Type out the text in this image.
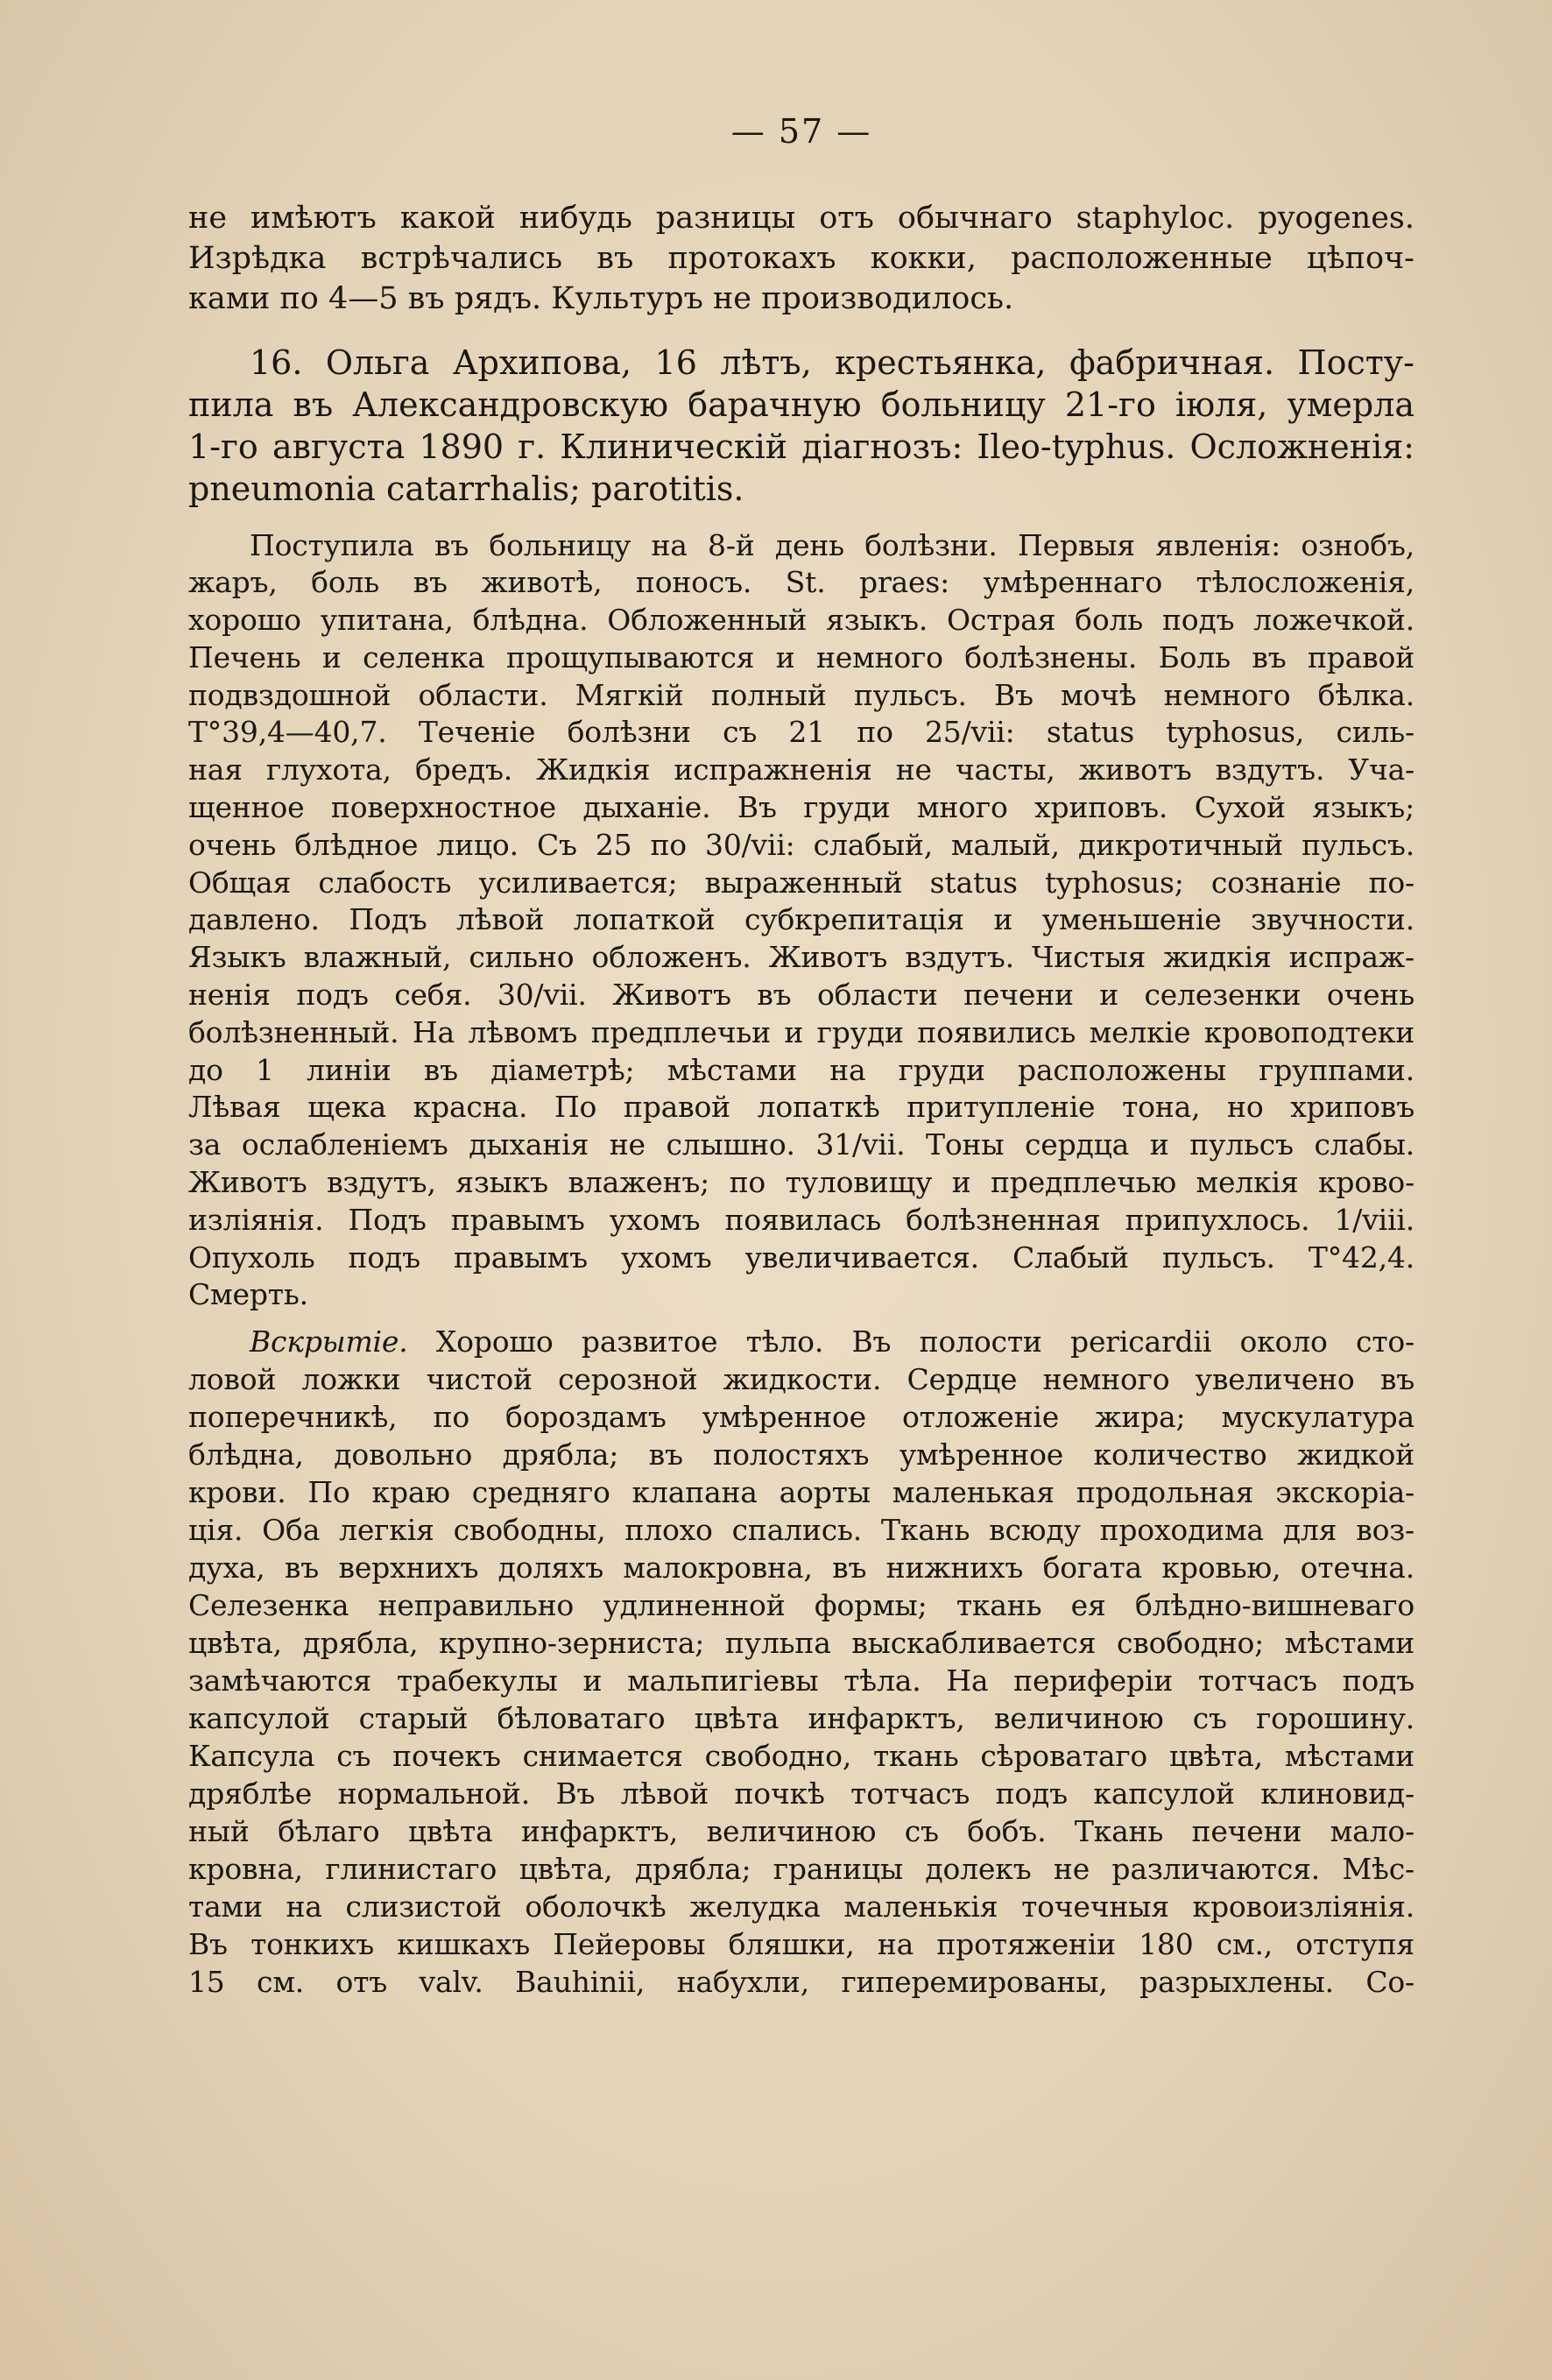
— 57 —
не имѣютъ какой нибудь разницы отъ обычнаго staphyloc. pyogenes.
Изрѣдка встрѣчались въ протокахъ кокки, расположенные цѣпоч-
ками по 4—5 въ рядъ. Культуръ не производилось.
16. Ольга Архипова, 16 лѣтъ, крестьянка, фабричная. Посту-
пила въ Александровскую барачную больницу 21-го іюля, умерла
1-го августа 1890 г. Клиническій діагнозъ: Ileo-typhus. Осложненія:
pneumonia catarrhalis; parotitis.
Поступила въ больницу на 8-й день болѣзни. Первыя явленія: ознобъ,
жаръ, боль въ животѣ, поносъ. St. praes: умѣреннаго тѣлосложенія,
хорошо упитана, блѣдна. Обложенный языкъ. Острая боль подъ ложечкой.
Печень и селенка прощупываются и немного болѣзнены. Боль въ правой
подвздошной области. Мягкій полный пульсъ. Въ мочѣ немного бѣлка.
T°39,4—40,7. Теченіе болѣзни съ 21 по 25/vii: status typhosus, силь-
ная глухота, бредъ. Жидкія испражненія не часты, животъ вздутъ. Уча-
щенное поверхностное дыханіе. Въ груди много хриповъ. Сухой языкъ;
очень блѣдное лицо. Съ 25 по 30/vii: слабый, малый, дикротичный пульсъ.
Общая слабость усиливается; выраженный status typhosus; сознаніе по-
давлено. Подъ лѣвой лопаткой субкрепитація и уменьшеніе звучности.
Языкъ влажный, сильно обложенъ. Животъ вздутъ. Чистыя жидкія испраж-
ненія подъ себя. 30/vii. Животъ въ области печени и селезенки очень
болѣзненный. На лѣвомъ предплечьи и груди появились мелкіе кровоподтеки
до 1 линіи въ діаметрѣ; мѣстами на груди расположены группами.
Лѣвая щека красна. По правой лопаткѣ притупленіе тона, но хриповъ
за ослабленіемъ дыханія не слышно. 31/vii. Тоны сердца и пульсъ слабы.
Животъ вздутъ, языкъ влаженъ; по туловищу и предплечью мелкія крово-
изліянія. Подъ правымъ ухомъ появилась болѣзненная припухлось. 1/viii.
Опухоль подъ правымъ ухомъ увеличивается. Слабый пульсъ. T°42,4.
Смерть.
Вскрытіе. Хорошо развитое тѣло. Въ полости pericardii около сто-
ловой ложки чистой серозной жидкости. Сердце немного увеличено въ
поперечникѣ, по бороздамъ умѣренное отложеніе жира; мускулатура
блѣдна, довольно дрябла; въ полостяхъ умѣренное количество жидкой
крови. По краю средняго клапана аорты маленькая продольная экскоріа-
ція. Оба легкія свободны, плохо спались. Ткань всюду проходима для воз-
духа, въ верхнихъ доляхъ малокровна, въ нижнихъ богата кровью, отечна.
Селезенка неправильно удлиненной формы; ткань ея блѣдно-вишневаго
цвѣта, дрябла, крупно-зерниста; пульпа выскабливается свободно; мѣстами
замѣчаются трабекулы и мальпигіевы тѣла. На периферіи тотчасъ подъ
капсулой старый бѣловатаго цвѣта инфарктъ, величиною съ горошину.
Капсула съ почекъ снимается свободно, ткань сѣроватаго цвѣта, мѣстами
дряблѣе нормальной. Въ лѣвой почкѣ тотчасъ подъ капсулой клиновид-
ный бѣлаго цвѣта инфарктъ, величиною съ бобъ. Ткань печени мало-
кровна, глинистаго цвѣта, дрябла; границы долекъ не различаются. Мѣс-
тами на слизистой оболочкѣ желудка маленькія точечныя кровоизліянія.
Въ тонкихъ кишкахъ Пейеровы бляшки, на протяженіи 180 см., отступя
15 см. отъ valv. Bauhinii, набухли, гиперемированы, разрыхлены. Со-
